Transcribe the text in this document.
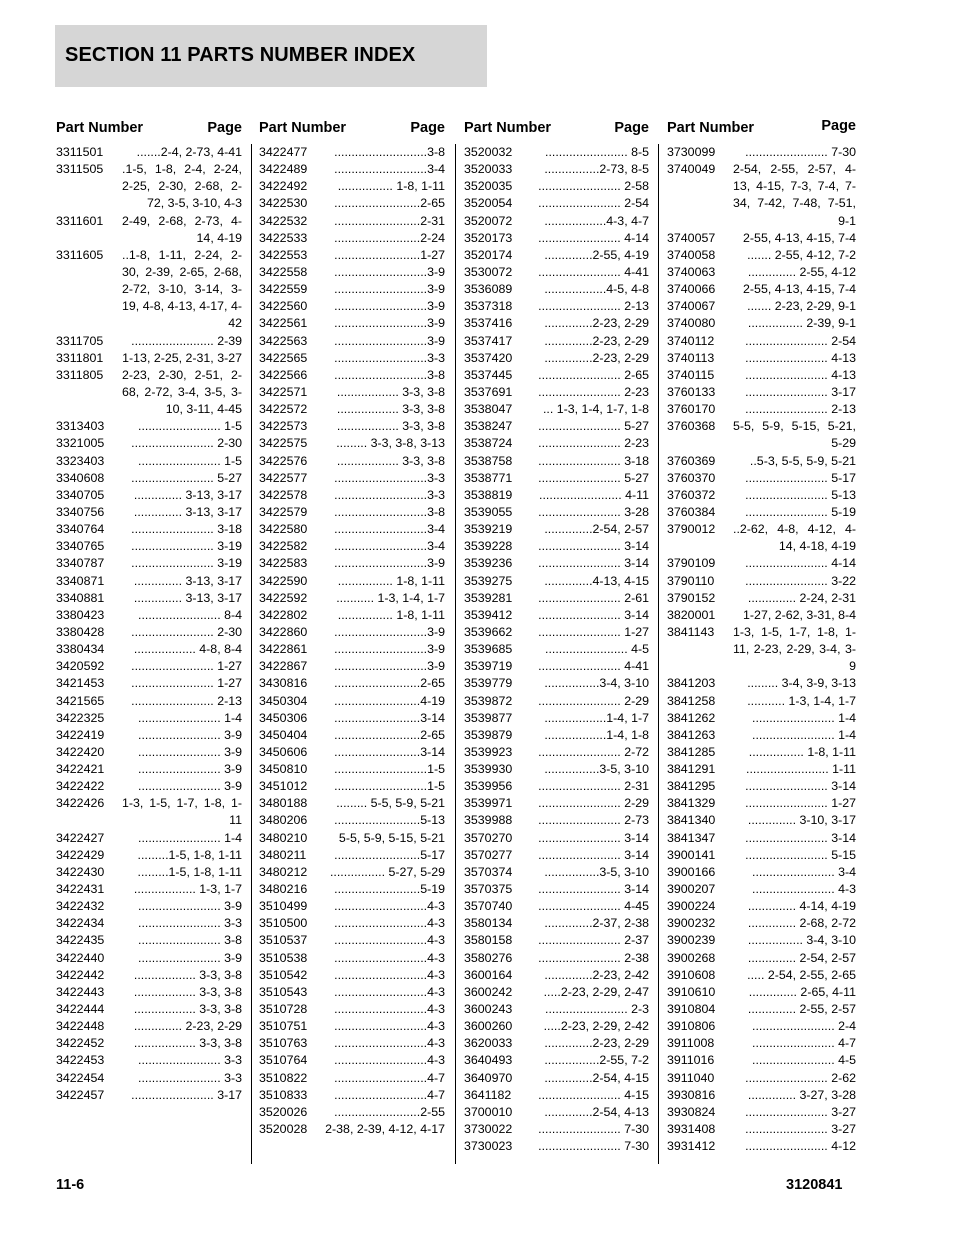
SECTION 11 PARTS NUMBER INDEX
Part Number	Page
3311501	.......2-4, 2-73, 4-41
3311505	.1-5, 1-8, 2-4, 2-24, 2-25, 2-30, 2-68, 2-72, 3-5, 3-10, 4-3
3311601	2-49, 2-68, 2-73, 4-14, 4-19
3311605	..1-8, 1-11, 2-24, 2-30, 2-39, 2-65, 2-68, 2-72, 3-10, 3-14, 3-19, 4-8, 4-13, 4-17, 4-42
3311705	........................ 2-39
3311801	1-13, 2-25, 2-31, 3-27
3311805	2-23, 2-30, 2-51, 2-68, 2-72, 3-4, 3-5, 3-10, 3-11, 4-45
3313403	........................ 1-5
3321005	........................ 2-30
3323403	........................ 1-5
3340608	........................ 5-27
3340705	.............. 3-13, 3-17
3340756	.............. 3-13, 3-17
3340764	........................ 3-18
3340765	........................ 3-19
3340787	........................ 3-19
3340871	.............. 3-13, 3-17
3340881	.............. 3-13, 3-17
3380423	........................ 8-4
3380428	........................ 2-30
3380434	.................. 4-8, 8-4
3420592	........................ 1-27
3421453	........................ 1-27
3421565	........................ 2-13
3422325	........................ 1-4
3422419	........................ 3-9
3422420	........................ 3-9
3422421	........................ 3-9
3422422	........................ 3-9
3422426	1-3, 1-5, 1-7, 1-8, 1-11
3422427	........................ 1-4
3422429	.........1-5, 1-8, 1-11
3422430	.........1-5, 1-8, 1-11
3422431	.................. 1-3, 1-7
3422432	........................ 3-9
3422434	........................ 3-3
3422435	........................ 3-8
3422440	........................ 3-9
3422442	.................. 3-3, 3-8
3422443	.................. 3-3, 3-8
3422444	.................. 3-3, 3-8
3422448	.............. 2-23, 2-29
3422452	.................. 3-3, 3-8
3422453	........................ 3-3
3422454	........................ 3-3
3422457	........................ 3-17
Part Number	Page
3422477	...........................3-8
3422489	...........................3-4
3422492	................ 1-8, 1-11
3422530	.........................2-65
3422532	.........................2-31
3422533	.........................2-24
3422553	.........................1-27
3422558	...........................3-9
3422559	...........................3-9
3422560	...........................3-9
3422561	...........................3-9
3422563	...........................3-9
3422565	...........................3-3
3422566	...........................3-8
3422571	.................. 3-3, 3-8
3422572	.................. 3-3, 3-8
3422573	.................. 3-3, 3-8
3422575	......... 3-3, 3-8, 3-13
3422576	.................. 3-3, 3-8
3422577	...........................3-3
3422578	...........................3-3
3422579	...........................3-8
3422580	...........................3-4
3422582	...........................3-4
3422583	...........................3-9
3422590	................ 1-8, 1-11
3422592	........... 1-3, 1-4, 1-7
3422802	................ 1-8, 1-11
3422860	...........................3-9
3422861	...........................3-9
3422867	...........................3-9
3430816	.........................2-65
3450304	.........................4-19
3450306	.........................3-14
3450404	.........................2-65
3450606	.........................3-14
3450810	...........................1-5
3451012	...........................1-5
3480188	......... 5-5, 5-9, 5-21
3480206	.........................5-13
3480210	5-5, 5-9, 5-15, 5-21
3480211	.........................5-17
3480212	................ 5-27, 5-29
3480216	.........................5-19
3510499	...........................4-3
3510500	...........................4-3
3510537	...........................4-3
3510538	...........................4-3
3510542	...........................4-3
3510543	...........................4-3
3510728	...........................4-3
3510751	...........................4-3
3510763	...........................4-3
3510764	...........................4-3
3510822	...........................4-7
3510833	...........................4-7
3520026	.........................2-55
3520028	2-38, 2-39, 4-12, 4-17
Part Number	Page
3520032	........................ 8-5
3520033	................2-73, 8-5
3520035	........................ 2-58
3520054	........................ 2-54
3520072	..................4-3, 4-7
3520173	........................ 4-14
3520174	..............2-55, 4-19
3530072	........................ 4-41
3536089	..................4-5, 4-8
3537318	........................ 2-13
3537416	..............2-23, 2-29
3537417	..............2-23, 2-29
3537420	..............2-23, 2-29
3537445	........................ 2-65
3537691	........................ 2-23
3538047	... 1-3, 1-4, 1-7, 1-8
3538247	........................ 5-27
3538724	........................ 2-23
3538758	........................ 3-18
3538771	........................ 5-27
3538819	........................ 4-11
3539055	........................ 3-28
3539219	..............2-54, 2-57
3539228	........................ 3-14
3539236	........................ 3-14
3539275	..............4-13, 4-15
3539281	........................ 2-61
3539412	........................ 3-14
3539662	........................ 1-27
3539685	........................ 4-5
3539719	........................ 4-41
3539779	................3-4, 3-10
3539872	........................ 2-29
3539877	..................1-4, 1-7
3539879	..................1-4, 1-8
3539923	........................ 2-72
3539930	................3-5, 3-10
3539956	........................ 2-31
3539971	........................ 2-29
3539988	........................ 2-73
3570270	........................ 3-14
3570277	........................ 3-14
3570374	................3-5, 3-10
3570375	........................ 3-14
3570740	........................ 4-45
3580134	..............2-37, 2-38
3580158	........................ 2-37
3580276	........................ 2-38
3600164	..............2-23, 2-42
3600242	.....2-23, 2-29, 2-47
3600243	........................ 2-3
3600260	.....2-23, 2-29, 2-42
3620033	..............2-23, 2-29
3640493	................2-55, 7-2
3640970	..............2-54, 4-15
3641182	........................ 4-15
3700010	..............2-54, 4-13
3730022	........................ 7-30
3730023	........................ 7-30
Part Number	Page
3730099	........................ 7-30
3740049	2-54, 2-55, 2-57, 4-13, 4-15, 7-3, 7-4, 7-34, 7-42, 7-48, 7-51, 9-1
3740057	2-55, 4-13, 4-15, 7-4
3740058	....... 2-55, 4-12, 7-2
3740063	.............. 2-55, 4-12
3740066	2-55, 4-13, 4-15, 7-4
3740067	....... 2-23, 2-29, 9-1
3740080	................ 2-39, 9-1
3740112	........................ 2-54
3740113	........................ 4-13
3740115	........................ 4-13
3760133	........................ 3-17
3760170	........................ 2-13
3760368	5-5, 5-9, 5-15, 5-21, 5-29
3760369	..5-3, 5-5, 5-9, 5-21
3760370	........................ 5-17
3760372	........................ 5-13
3760384	........................ 5-19
3790012	..2-62, 4-8, 4-12, 4-14, 4-18, 4-19
3790109	........................ 4-14
3790110	........................ 3-22
3790152	.............. 2-24, 2-31
3820001	1-27, 2-62, 3-31, 8-4
3841143	1-3, 1-5, 1-7, 1-8, 1-11, 2-23, 2-29, 3-4, 3-9
3841203	......... 3-4, 3-9, 3-13
3841258	........... 1-3, 1-4, 1-7
3841262	........................ 1-4
3841263	........................ 1-4
3841285	................ 1-8, 1-11
3841291	........................ 1-11
3841295	........................ 3-14
3841329	........................ 1-27
3841340	.............. 3-10, 3-17
3841347	........................ 3-14
3900141	........................ 5-15
3900166	........................ 3-4
3900207	........................ 4-3
3900224	.............. 4-14, 4-19
3900232	.............. 2-68, 2-72
3900239	................ 3-4, 3-10
3900268	.............. 2-54, 2-57
3910608	..... 2-54, 2-55, 2-65
3910610	.............. 2-65, 4-11
3910804	.............. 2-55, 2-57
3910806	........................ 2-4
3911008	........................ 4-7
3911016	........................ 4-5
3911040	........................ 2-62
3930816	.............. 3-27, 3-28
3930824	........................ 3-27
3931408	........................ 3-27
3931412	........................ 4-12
11-6	3120841
